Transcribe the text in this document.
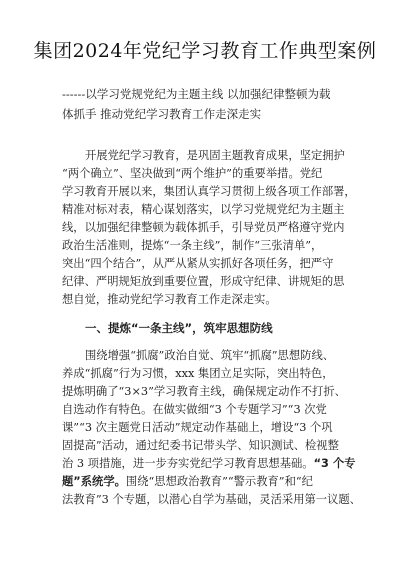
集团2024年党纪学习教育工作典型案例
------以学习党规党纪为主题主线 以加强纪律整顿为载
体抓手 推动党纪学习教育工作走深走实
开展党纪学习教育，是巩固主题教育成果，坚定拥护
“两个确立”、坚决做到“两个维护”的重要举措。党纪
学习教育开展以来，集团认真学习贯彻上级各项工作部署，
精准对标对表，精心谋划落实，以学习党规党纪为主题主
线，以加强纪律整顿为载体抓手，引导党员严格遵守党内
政治生活准则，提炼“一条主线”，制作“三张清单”，
突出“四个结合”，从严从紧从实抓好各项任务，把严守
纪律、严明规矩放到重要位置，形成守纪律、讲规矩的思
想自觉，推动党纪学习教育工作走深走实。
一、提炼“一条主线”，筑牢思想防线
围绕增强“抓腐”政治自觉、筑牢“抓腐”思想防线、
养成“抓腐”行为习惯，xxx 集团立足实际，突出特色，
提炼明确了“3×3”学习教育主线，确保规定动作不打折、
自选动作有特色。在做实做细“3 个专题学习”“3 次党
课”“3 次主题党日活动”规定动作基础上，增设“3 个巩
固提高”活动，通过纪委书记带头学、知识测试、检视整
治 3 项措施，进一步夯实党纪学习教育思想基础。“3 个专
题”系统学。围绕“思想政治教育”“警示教育”和“纪
法教育”3 个专题，以潜心自学为基础，灵活采用第一议题、
